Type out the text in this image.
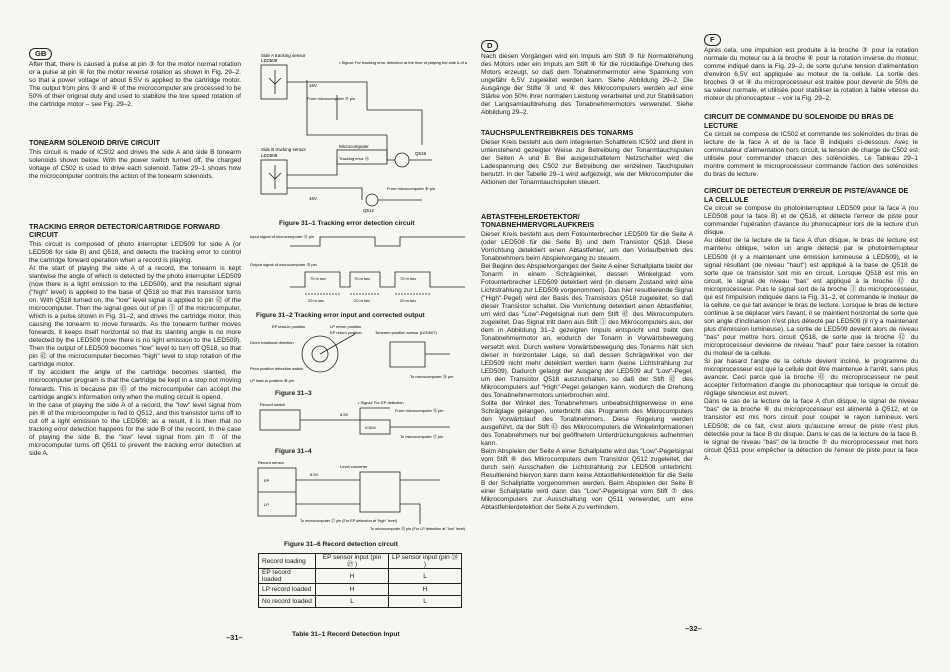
GB

After that, there is caused a pulse at pin ③ for the motor normal rotation or a pulse at pin ④ for the motor reverse rotation as shown in Fig. 29–2. so that a power voltage of about 6.5V is applied to the cartridge motor. The output from pins ③ and ④ of the microcomputer are processed to be 50% of their original duty and used to stabilize the low speed rotation of the cartridge motor – see Fig. 29–2.

TONEARM SOLENOID DRIVE CIRCUIT

This circuit is made of IC502 and drives the side A and side B tonearm solenoids shown below. With the power switch turned off, the charged voltage of C502 is used to drive each solenoid. Table 29–1 shows how the microcomputer controls the action of the tonearm solenoids.

TRACKING ERROR DETECTOR/CARTRIDGE FORWARD CIRCUIT

This circuit is composed of photo interrupter LED509 for side A (or LED508 for side B) and Q518, and detects the tracking error to control the cartridge forward operation when a record is playing.

At the start of playing the side A of a record, the tonearm is kept slantwise the angle of which is detected by the photo interrupter LED509 (now there is a light emission to the LED509), and the resultant signal ("high" level) is applied to the base of Q518 so that this transistor turns on. With Q518 turned on, the "low" level signal is applied to pin ㊷ of the microcomputer. Then the signal goes out of pin ③ of the microcomputer, which is a pulse shown in Fig. 31–2, and drives the cartridge motor, thus causing the tonearm to move forwards. As the tonearm further moves forwards, it keeps itself horizontal so that its slanting angle is no more detected by the LED509 (now there is no light emission to the LED509). Then the output of LED509 becomes "low" level to turn off Q518, so that pin ㊷ of the microcomputer becomes "high" level to stop rotation of the cartridge motor.

If by accident the angle of the cartridge becomes slanted, the microcomputer program is that the cartridge be kept in a stop not moving forwards. This is because pin ㊸ of the microcomputer can accept the cartridge angle's information only when the muting circuit is opend.

In the case of playing the side A of a record, the "low" level signal from pin ⑥ of the microcomputer is fed to Q512, and this transistor turns off to cut off a light emission to the LED508; as a result, it is then that no tracking error detection happens for the side B of the record. In the case of playing the side B, the "low" level signal from pin ⑦ of the microcomputer turns off Q511 to prevent the tracking error detection at side A.

Side A tracking sensor
LED509	• Signal: For tracking error detection at the time of playing the side A of a record
16V
From microcomputer ⑦ pin
Q518
Side B tracking sensor
LED508
Microcomputer
Tracking error ㊷
From microcomputer ⑥ pin
16V
Q512
Figure 31–1 Tracking error detection circuit
Input signal of microcomputer ㊷ pin
Output signal of microcomputer ③ pin
70 m sec	70 m sec	70 m sec
20 m sec	20 m sec	20 m sec
Figure 31–2 Tracking error input and corrected output
EP lead-in position	LP return position
EP return position
Drum rotational direction
Tonearm position sensor (LED507)
Pivot position detection switch
LP lead-in position ⑧ pin
To microcomputer ㉖ pin
Figure 31–3
Record switch	• Signal: For EP detection
From microcomputer ㉘ pin
8.5V
IC504
To microcomputer ㉗ pin
Figure 31–4
Record sensor
Level converter
EP
LP
8.5V
To microcomputer ㉗ pin (For EP detection at "high" level)
To microcomputer ㉘ pin (For LP detection at "low" level)
Figure 31–6 Record detection circuit
Record loading	EP sensor input (pin ㉗ )	LP sensor input (pin ㉘ )
EP record loaded	H	L
LP record loaded	H	H
No record loaded	L	L
Table 31–1 Record Detection Input
–31–
D

Nach diesen Vorgängen wird ein Impuls am Stift ③ für Normaldrehung des Motors oder ein Impuls am Stift ④ für die rückläufige Drehung des Motors erzeugt, so daß dem Tonabnehmermotor eine Spannung von ungefähr 6,5V zugeleitet werden kann. Siehe Abbildung 29–2. Die Ausgänge der Stifte ③ und ④ des Mikrocomputers werden auf eine Stärke von 50% ihrer normalen Leistung verarbeitet und zur Stabilisation der Langsamlaufdrehung des Tonabnehmermotors verwendet. Siehe Abbildung 29–2.

TAUCHSPULENTREIBKREIS DES TONARMS

Dieser Kreis besteht aus dem integrierten Schaltkreis IC502 und dient in untenstehend gezeigter Weise zur Betreibung der Tonarmtauchspulen der Seiten A und B. Bei ausgeschaltetem Netzschalter wird die Ladespannung des C502 zur Betreibung der einzelnen Tauchspulen benutzt. In der Tabelle 29–1 wird aufgezeigt, wie der Mikrocomputer die Aktionen der Tonarmtauchspulen steuert.

ABTASTFEHLERDETEKTOR/ TONABNEHMERVORLAUFKREIS

Dieser Kreis besteht aus dem Fotounterbrecher LED509 für die Seite A (oder LED508 für die Seite B) und dem Transistor Q518. Diese Vorrichtung detektiert einen Abtastfehler, um den Vorlaufbetrieb des Tonabnehmers beim Abspielvorgang zu steuern.

Bei Beginn des Abspielvorganges der Seite A einer Schallplatte bleibt der Tonarm in einem Schrägwinkel, dessen Winkelgrad vom Fotounterbrecher LED509 detektiert wird (in diesem Zustand wird eine Lichtstrahlung zur LED509 vorgenommen). Das hier resultierende Signal ("High"-Pegel) wird der Basis des Transistors Q518 zugeleitet, so daß dieser Transistor schaltet. Die Vorrichtung detektiert einen Abtastfehler, um wird das "Low"-Pegelsignal nun dem Stift ㊷ des Mikrocomputers zugeleitet. Das Signal tritt dann aus Stift ③ des Mikrocomputers aus, der dem in Abbildung 31–2 gezeigten Impuls entspricht und treibt den Tonabnehmermotor an, wodurch der Tonarm in Vorwärtsbewegung versetzt wird. Durch weitere Vorwärtsbewegung des Tonarms hält sich dieser in horizontaler Lage, so daß dessen Schrägwinkel von der LED509 nicht mehr detektiert werden kann (keine Lichtstrahlung zur LED509). Dadurch gelangt der Ausgang der LED509 auf "Low"-Pegel, um den Transistor Q518 auszuschalten, so daß der Stift ㊷ des Mikrocomputers auf "High"-Pegel gelangen kann, wodurch die Drehung des Tonabnehmermotors unterbrochen wird.

Sollte der Winkel des Tonabnehmers unbeabsichtigterweise in eine Schräglage gelangen, unterbricht das Programm des Mikrocomputers den Vorwärtslauf des Tonabnehmers. Diese Regelung werden ausgeführt, da der Stift ㊸ des Mikrocomputers die Winkelinformationen des Tonabnehmers nur bei geöffnetem Unterdrückungskreis aufnehmen kann.

Beim Abspielen der Seite A einer Schallplatte wird das "Low"-Pegelsignal vom Stift ⑥ des Mikrocomputers dem Transistor Q512 zugeleitet, der durch sein Ausschalten die Lichtstrahlung zur LED508 unterbricht. Resultierend hiervon kann dann keine Abtastfehlerdetektion für die Seite B der Schallplatte vorgenommen werden. Beim Abspielen der Seite B einer Schallplatte wird dann das "Low"-Pegelsignal vom Stift ⑦ des Mikrocomputers zur Ausschaltung von Q511 verwendet, um eine Abtastfehlerdetektion der Seite A zu verhindern.

–32–
F

Après cela, une impulsion est produite à la broche ③ pour la rotation normale du moteur ou à la broche ④ pour la rotation inverse du moteur, comme indiqué dans la Fig. 29–2, de sorte qu'une tension d'alimentation d'environ 6,5V est appliquée au moteur de la cellule. La sortie des broches ③ et ④ du microprocesseur est traitée pour devenir de 50% de sa valeur normale, et utilisée pour stabiliser la rotation à faible vitesse du moteur du phonocapteur – voir la Fig. 29–2.

CIRCUIT DE COMMANDE DU SOLENOIDE DU BRAS DE LECTURE

Ce circuit se compose de IC502 et commande les solénoïdes du bras de lecture de la face A et de la face B indiqués ci-dessous. Avec le commutateur d'alimentation hors circuit, la tension de charge de C502 est utilisée pour commander chacun des solénoïdes. Le Tableau 29–1 montre comment le microprocesseur commande l'action des solénoïdes du bras de lecture.

CIRCUIT DE DETECTEUR D'ERREUR DE PISTE/AVANCE DE LA CELLULE

Ce circuit se compose du photointerrupteur LED509 pour la face A (ou LED508 pour la face B) et de Q518, et détecte l'erreur de piste pour commander l'opération d'avance du phonocapteur lors de la lecture d'un disque.

Au début de la lecture de la face A d'un disque, le bras de lecture est maintenu oblique, selon un angle détecté par le photointerrupteur LED509 (il y a maintenant une émission lumineuse à LED509), et le signal résultant (de niveau "haut") est appliqué à la base de Q518 de sorte que ce transistor soit mis en circuit. Lorsque Q518 est mis en circuit, le signal de niveau "bas" est appliqué à la broche ㊷ du microprocesseur. Puis le signal sort de la broche ③ du microprocesseur, qui est l'impulsion indiquée dans la Fig. 31–2, et commande le moteur de la cellule, ce qui fait avancer le bras de lecture. Lorsque le bras de lecture continue à se déplacer vers l'avant, il se maintient horizontal de sorte que son angle d'inclinaison n'est plus détecté par LED509 (il n'y a maintenant plus d'émission lumineuse). La sortie de LED509 devient alors de niveau "bas" pour mettre hors circuit Q518, de sorte que la broche ㊷ du microprocesseur devienne de niveau "haut" pour faire cesser la rotation du moteur de la cellule.

Si par hasard l'angle de la cellule devient incliné, le programme du microprocesseur est que la cellule doit être maintenue à l'arrêt, sans plus avancer. Ceci parce que la broche ㊸ du microprocesseur ne peut accepter l'information d'angle du phonocapteur que lorsque le circuit de réglage silencieux est ouvert.

Dans le cas de la lecture de la face A d'un disque, le signal de niveau "bas" de la broche ⑥ du microprocesseur est alimenté à Q512, et ce transistor est mis hors circuit pour couper le rayon lumineux vers LED508; de ce fait, c'est alors qu'aucune erreur de piste n'est plus détectée pour la face B du disque. Dans le cas de la lecture de la face B, le signal de niveau "bas" de la broche ⑦ du microprocesseur met hors circuit Q511 pour empêcher la détection de l'erreur de piste pour la face A.
